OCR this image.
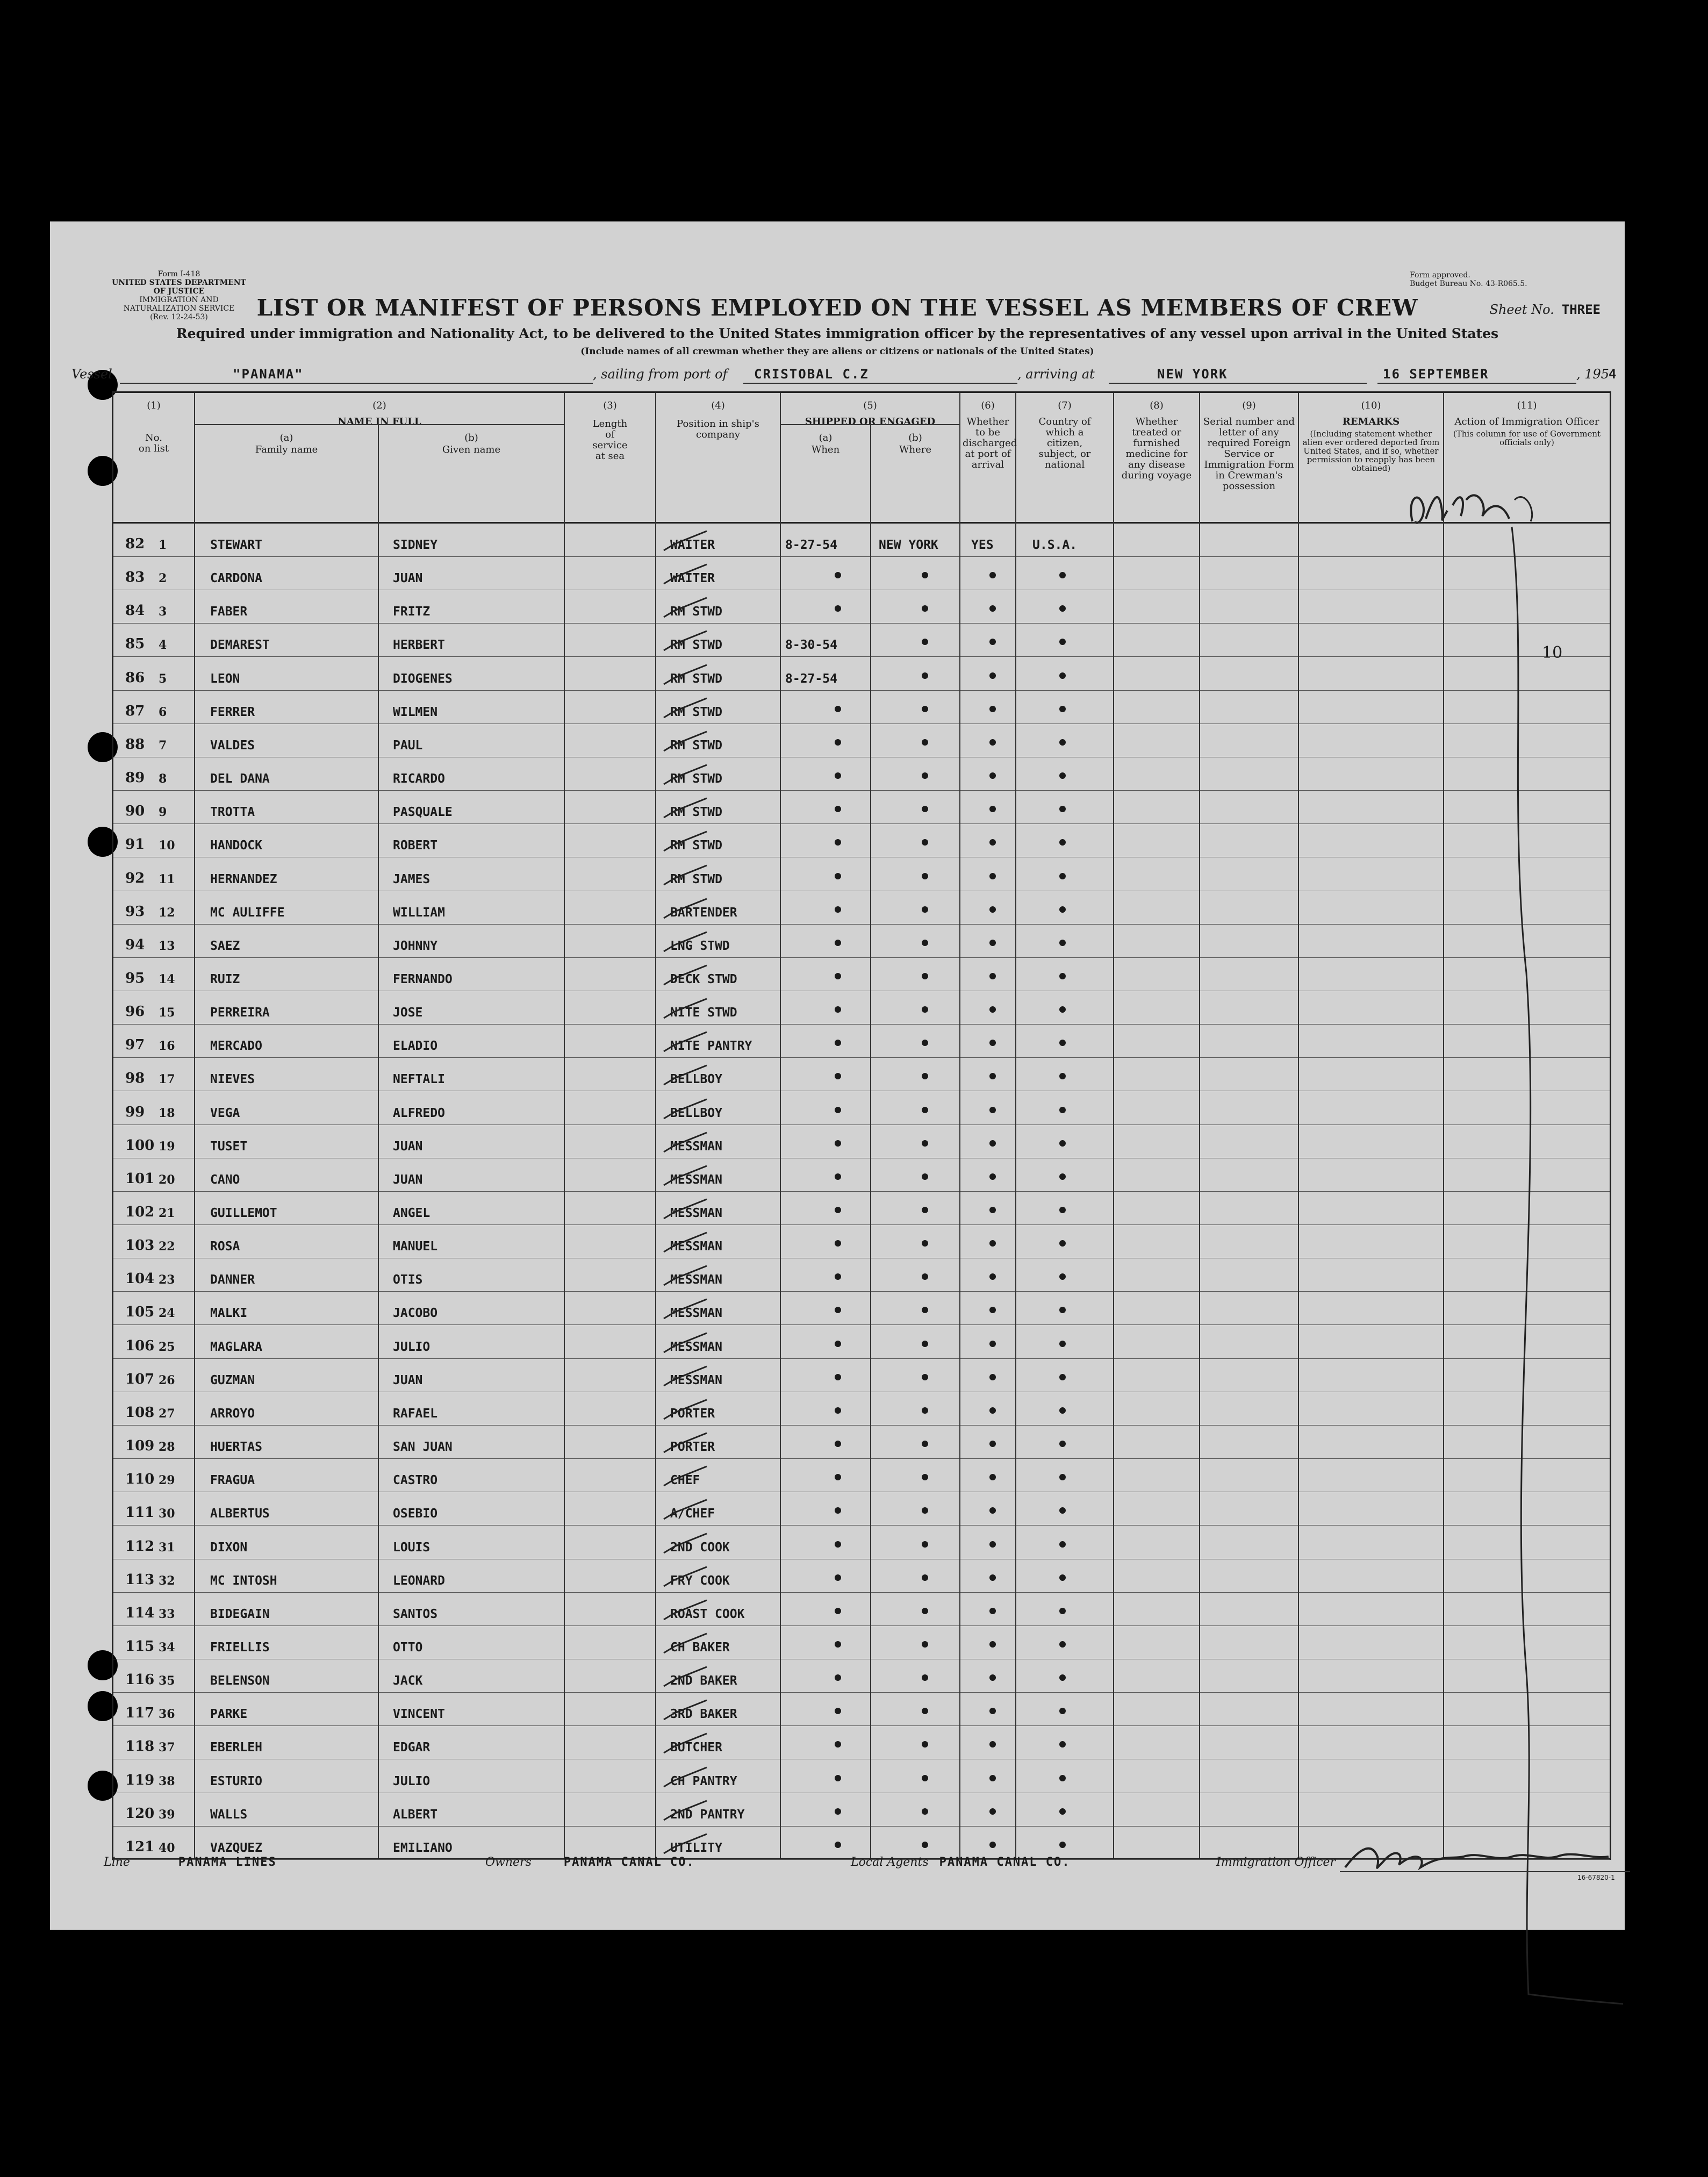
Form I-418
UNITED STATES DEPARTMENT OF JUSTICE
IMMIGRATION AND NATURALIZATION SERVICE
(Rev. 12-24-53)
Form approved.
Budget Bureau No. 43-R065.5.
LIST OR MANIFEST OF PERSONS EMPLOYED ON THE VESSEL AS MEMBERS OF CREW	Sheet No. THREE
Required under immigration and Nationality Act, to be delivered to the United States immigration officer by the representatives of any vessel upon arrival in the United States
(Include names of all crewman whether they are aliens or citizens or nationals of the United States)
Vessel	"PANAMA"	, sailing from port of CRISTOBAL C.Z	, arriving at	NEW YORK	16 SEPTEMBER	, 195
4
(1)
No. on list
(2)
NAME IN FULL
(a)
Family name
(b)
Given name
(3)
Length of service at sea
(4)
Position in ship's company
(5)
SHIPPED OR ENGAGED
(a)
When
(b)
Where
(6)
Whether to be discharged at port of arrival
(7)
Country of which a citizen, subject, or national
(8)
Whether treated or furnished medicine for any disease during voyage
(9)
Serial number and letter of any required Foreign Service or Immigration Form in Crewman's possession
(10)
REMARKS
(Including statement whether alien ever ordered deported from United States, and if so, whether permission to reapply has been obtained)
(11)
Action of Immigration Officer
(This column for use of Government officials only)
82 1	STEWART	SIDNEY	WAITER	8-27-54	NEW YORK	YES	U.S.A.
83 2	CARDONA	JUAN	WAITER
84 3	FABER	FRITZ	RM STWD
85 4	DEMAREST	HERBERT	RM STWD	8-30-54
86 5	LEON	DIOGENES	RM STWD	8-27-54
87 6	FERRER	WILMEN	RM STWD
88 7	VALDES	PAUL	RM STWD
89 8	DEL DANA	RICARDO	RM STWD
90 9	TROTTA	PASQUALE	RM STWD
91 10	HANDOCK	ROBERT	RM STWD
92 11	HERNANDEZ	JAMES	RM STWD
93 12	MC AULIFFE	WILLIAM	BARTENDER
94 13	SAEZ	JOHNNY	LNG STWD
95 14	RUIZ	FERNANDO	DECK STWD
96 15	PERREIRA	JOSE	NITE STWD
97 16	MERCADO	ELADIO	NITE PANTRY
98 17	NIEVES	NEFTALI	BELLBOY
99 18	VEGA	ALFREDO	BELLBOY
100 19	TUSET	JUAN	MESSMAN
101 20	CANO	JUAN	MESSMAN
102 21	GUILLEMOT	ANGEL	MESSMAN
103 22	ROSA	MANUEL	MESSMAN
104 23	DANNER	OTIS	MESSMAN
105 24	MALKI	JACOBO	MESSMAN
106 25	MAGLARA	JULIO	MESSMAN
107 26	GUZMAN	JUAN	MESSMAN
108 27	ARROYO	RAFAEL	PORTER
109 28	HUERTAS	SAN JUAN	PORTER
110 29	FRAGUA	CASTRO	CHEF
111 30	ALBERTUS	OSEBIO	A/CHEF
112 31	DIXON	LOUIS	2ND COOK
113 32	MC INTOSH	LEONARD	FRY COOK
114 33	BIDEGAIN	SANTOS	ROAST COOK
115 34	FRIELLIS	OTTO	CH BAKER
116 35	BELENSON	JACK	2ND BAKER
117 36	PARKE	VINCENT	3RD BAKER
118 37	EBERLEH	EDGAR	BUTCHER
119 38	ESTURIO	JULIO	CH PANTRY
120 39	WALLS	ALBERT	2ND PANTRY
121 40	VAZQUEZ	EMILIANO	UTILITY
10
Line	PANAMA LINES	Owners	PANAMA CANAL CO.	Local Agents PANAMA CANAL CO.	Immigration Officer
16-67820-1
